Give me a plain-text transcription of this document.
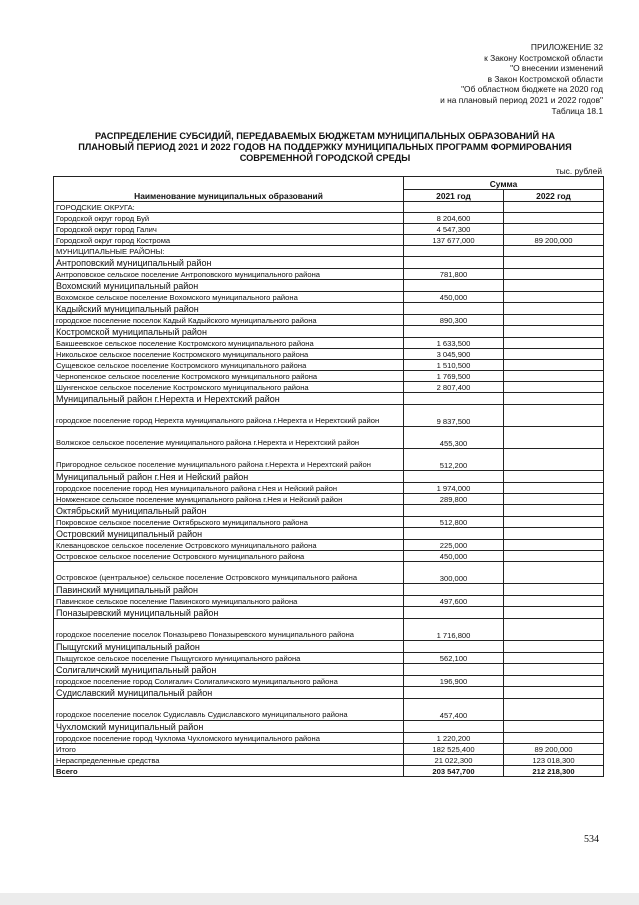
ПРИЛОЖЕНИЕ 32
к Закону Костромской области
"О внесении изменений
в Закон Костромской области
"Об областном бюджете на 2020 год
и на плановый период 2021 и 2022 годов"
Таблица 18.1
РАСПРЕДЕЛЕНИЕ СУБСИДИЙ, ПЕРЕДАВАЕМЫХ БЮДЖЕТАМ МУНИЦИПАЛЬНЫХ ОБРАЗОВАНИЙ НА
ПЛАНОВЫЙ ПЕРИОД 2021 И 2022 ГОДОВ НА ПОДДЕРЖКУ МУНИЦИПАЛЬНЫХ ПРОГРАММ ФОРМИРОВАНИЯ
СОВРЕМЕННОЙ ГОРОДСКОЙ СРЕДЫ
тыс. рублей
Наименование муниципальных образований	Сумма	
	2021 год	2022 год
ГОРОДСКИЕ ОКРУГА:		
Городской округ город Буй	8 204,600	
Городской округ город Галич	4 547,300	
Городской округ город Кострома	137 677,000	89 200,000
МУНИЦИПАЛЬНЫЕ РАЙОНЫ:		
Антроповский муниципальный район		
Антроповское сельское поселение Антроповского муниципального района	781,800	
Вохомский муниципальный район		
Вохомское сельское поселение Вохомского муниципального района	450,000	
Кадыйский муниципальный район		
городское поселение поселок Кадый Кадыйского муниципального района	890,300	
Костромской муниципальный район		
Бакшеевское сельское поселение Костромского муниципального района	1 633,500	
Никольское сельское поселение Костромского муниципального района	3 045,900	
Сущевское сельское поселение Костромского муниципального района	1 510,500	
Чернопенское сельское поселение Костромского муниципального района	1 769,500	
Шунгенское сельское поселение Костромского муниципального района	2 807,400	
Муниципальный район г.Нерехта и Нерехтский район		
городское поселение город Нерехта муниципального района г.Нерехта и Нерехтский район	9 837,500	
Волжское сельское поселение муниципального района г.Нерехта и Нерехтский район	455,300	
Пригородное сельское поселение муниципального района г.Нерехта и Нерехтский район	512,200	
Муниципальный район г.Нея и Нейский район		
городское поселение город Нея муниципального района г.Нея и Нейский район	1 974,000	
Номженское сельское поселение муниципального района г.Нея и Нейский район	289,800	
Октябрьский муниципальный район		
Покровское сельское поселение Октябрьского муниципального района	512,800	
Островский муниципальный район		
Клеванцовское сельское поселение Островского муниципального района	225,000	
Островское сельское поселение Островского муниципального района	450,000	
Островское (центральное) сельское поселение Островского муниципального района	300,000	
Павинский муниципальный район		
Павинское сельское поселение Павинского муниципального района	497,600	
Поназыревский муниципальный район		
городское поселение поселок Поназырево Поназыревского муниципального района	1 716,800	
Пыщугский муниципальный район		
Пыщугское сельское поселение Пыщугского муниципального района	562,100	
Солигаличский муниципальный район		
городское поселение город Солигалич Солигаличского муниципального района	196,900	
Судиславский муниципальный район		
городское поселение поселок Судиславль Судиславского муниципального района	457,400	
Чухломский муниципальный район		
городское поселение город Чухлома Чухломского муниципального района	1 220,200	
Итого	182 525,400	89 200,000
Нераспределенные средства	21 022,300	123 018,300
Всего	203 547,700	212 218,300
534
